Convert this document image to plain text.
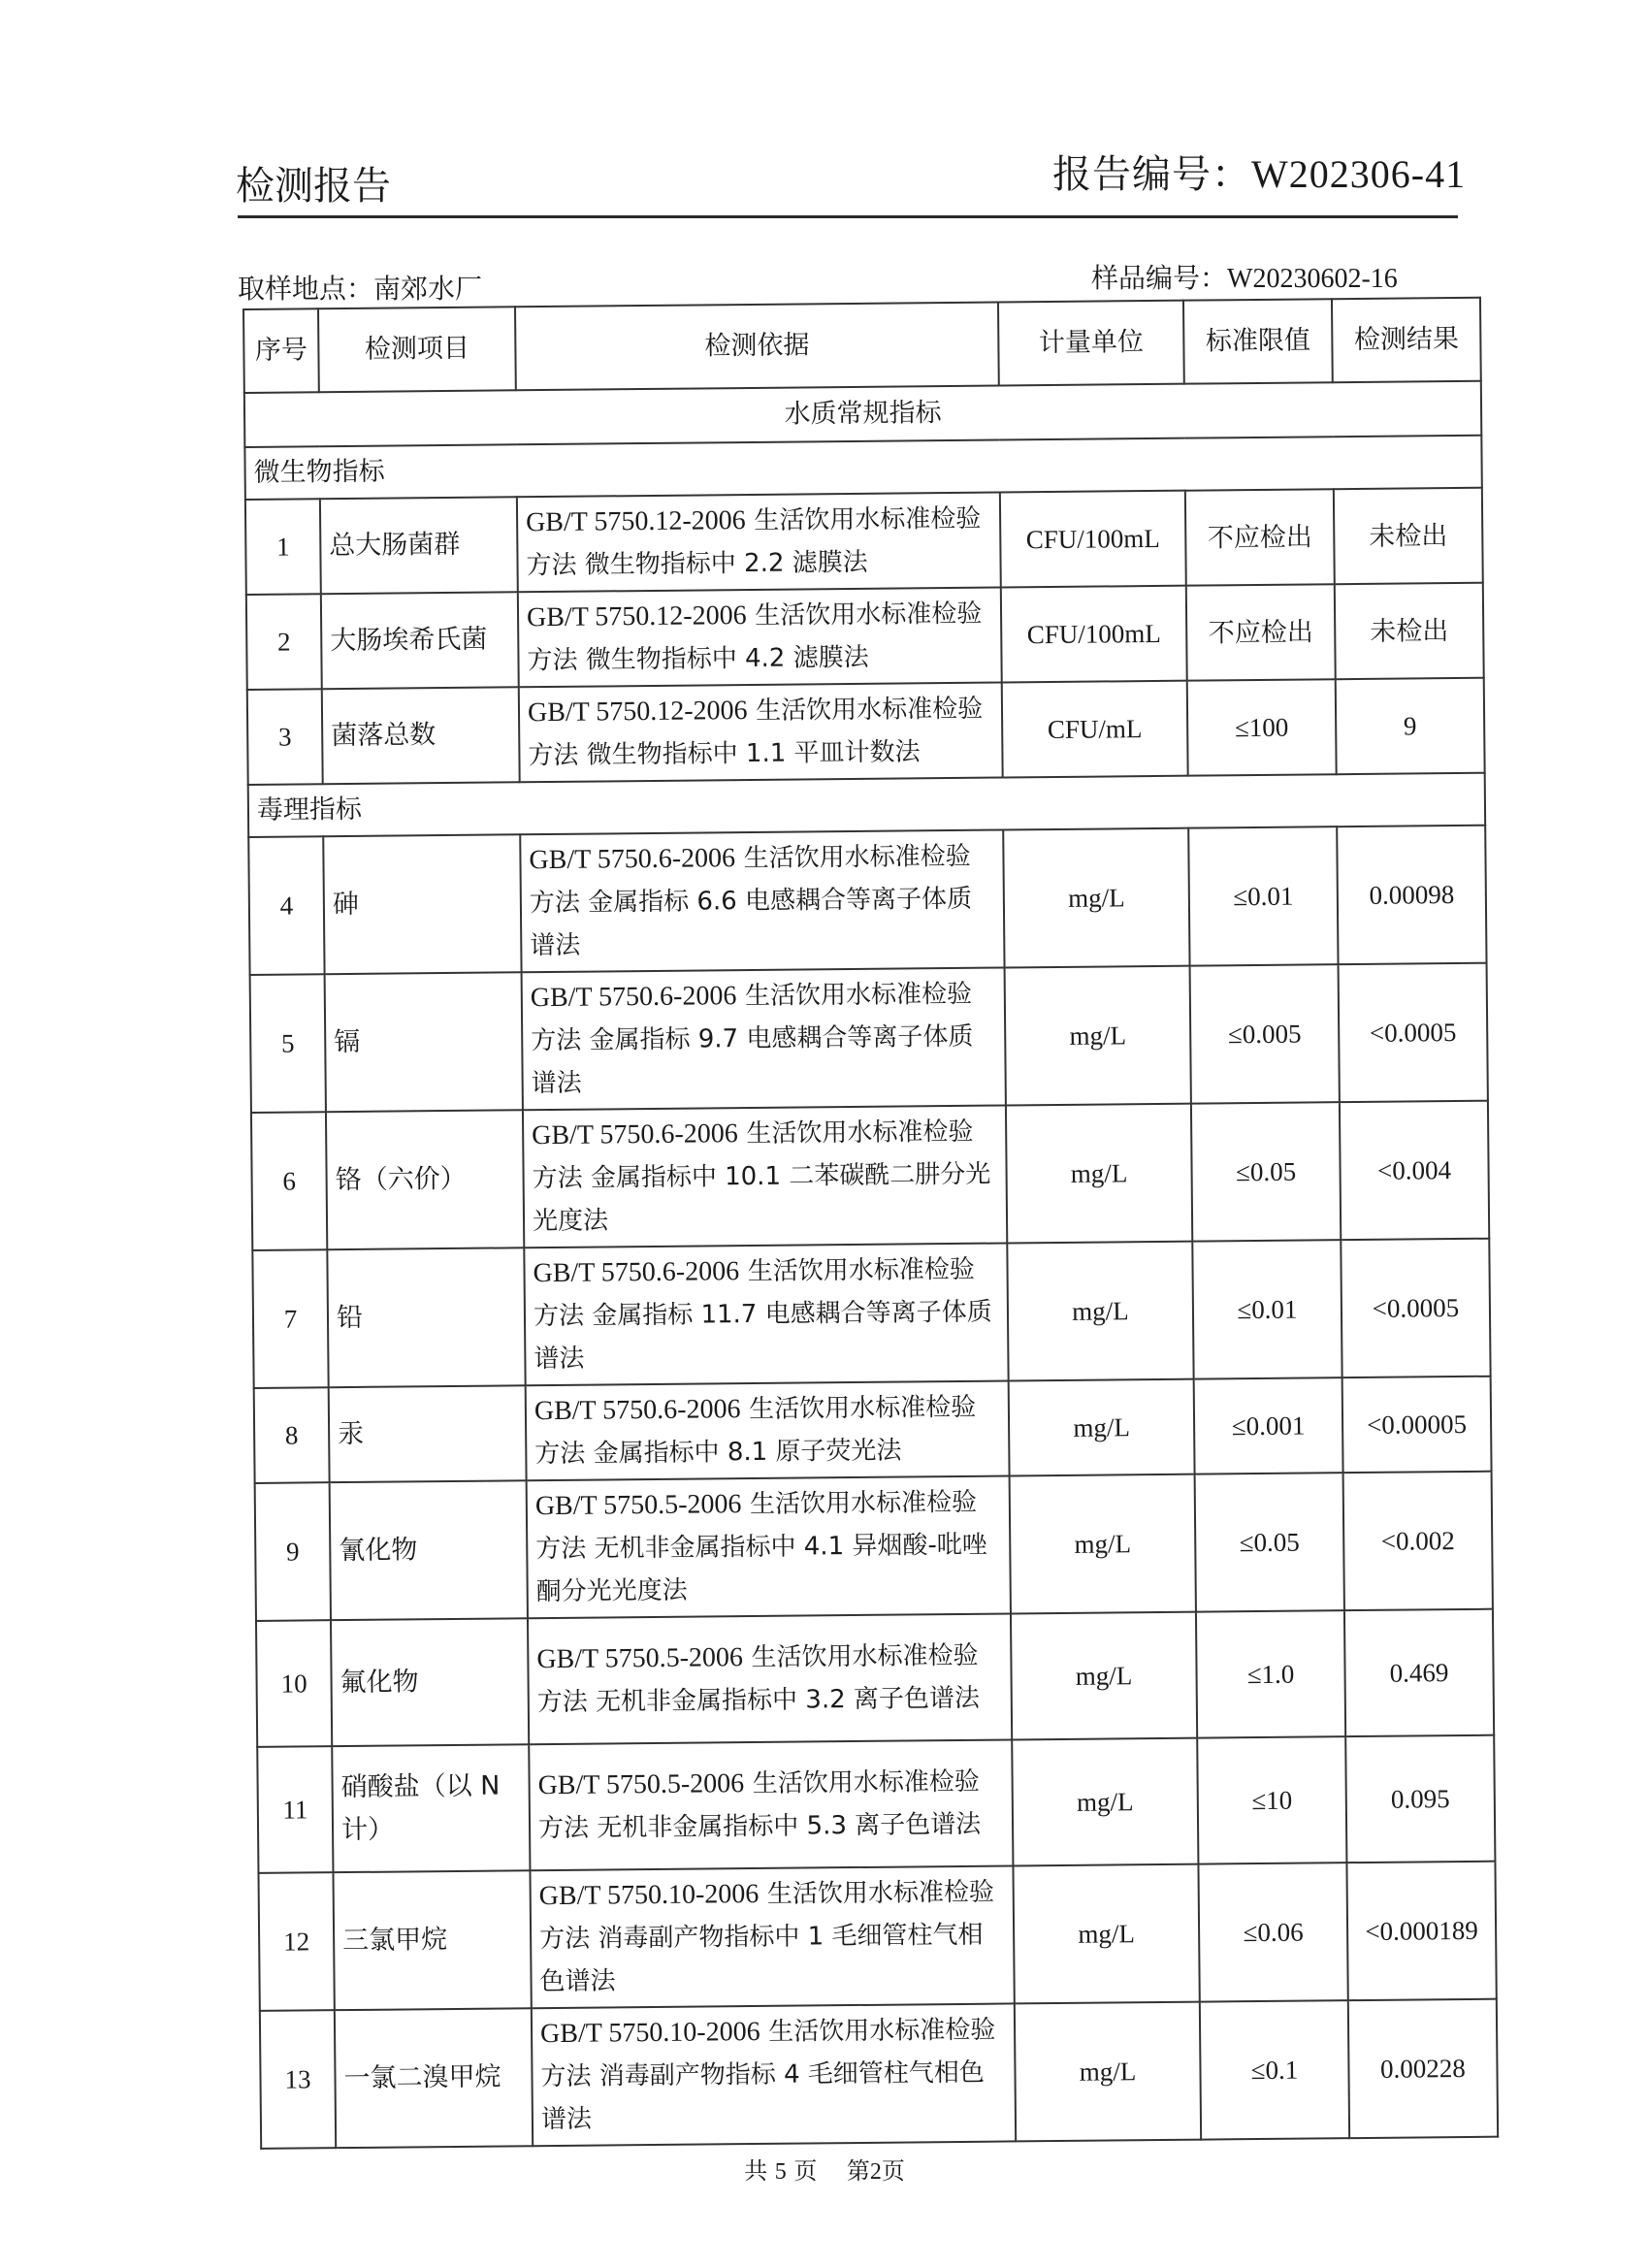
检测报告	报告编号：W202306-41
取样地点：南郊水厂	样品编号：W20230602-16
序号	检测项目	检测依据	计量单位	标准限值	检测结果
水质常规指标					
微生物指标					
1	总大肠菌群	GB/T 5750.12-2006 生活饮用水标准检验方法 微生物指标中 2.2 滤膜法	CFU/100mL	不应检出	未检出
2	大肠埃希氏菌	GB/T 5750.12-2006 生活饮用水标准检验方法 微生物指标中 4.2 滤膜法	CFU/100mL	不应检出	未检出
3	菌落总数	GB/T 5750.12-2006 生活饮用水标准检验方法 微生物指标中 1.1 平皿计数法	CFU/mL	≤100	9
毒理指标					
4	砷	GB/T 5750.6-2006 生活饮用水标准检验方法 金属指标 6.6 电感耦合等离子体质谱法	mg/L	≤0.01	0.00098
5	镉	GB/T 5750.6-2006 生活饮用水标准检验方法 金属指标 9.7 电感耦合等离子体质谱法	mg/L	≤0.005	<0.0005
6	铬（六价）	GB/T 5750.6-2006 生活饮用水标准检验方法 金属指标中 10.1 二苯碳酰二肼分光光度法	mg/L	≤0.05	<0.004
7	铅	GB/T 5750.6-2006 生活饮用水标准检验方法 金属指标 11.7 电感耦合等离子体质谱法	mg/L	≤0.01	<0.0005
8	汞	GB/T 5750.6-2006 生活饮用水标准检验方法 金属指标中 8.1 原子荧光法	mg/L	≤0.001	<0.00005
9	氰化物	GB/T 5750.5-2006 生活饮用水标准检验方法 无机非金属指标中 4.1 异烟酸-吡唑酮分光光度法	mg/L	≤0.05	<0.002
10	氟化物	GB/T 5750.5-2006 生活饮用水标准检验方法 无机非金属指标中 3.2 离子色谱法	mg/L	≤1.0	0.469
11	硝酸盐（以 N 计）	GB/T 5750.5-2006 生活饮用水标准检验方法 无机非金属指标中 5.3 离子色谱法	mg/L	≤10	0.095
12	三氯甲烷	GB/T 5750.10-2006 生活饮用水标准检验方法 消毒副产物指标中 1 毛细管柱气相色谱法	mg/L	≤0.06	<0.000189
13	一氯二溴甲烷	GB/T 5750.10-2006 生活饮用水标准检验方法 消毒副产物指标 4 毛细管柱气相色谱法	mg/L	≤0.1	0.00228
共 5 页 第2页
